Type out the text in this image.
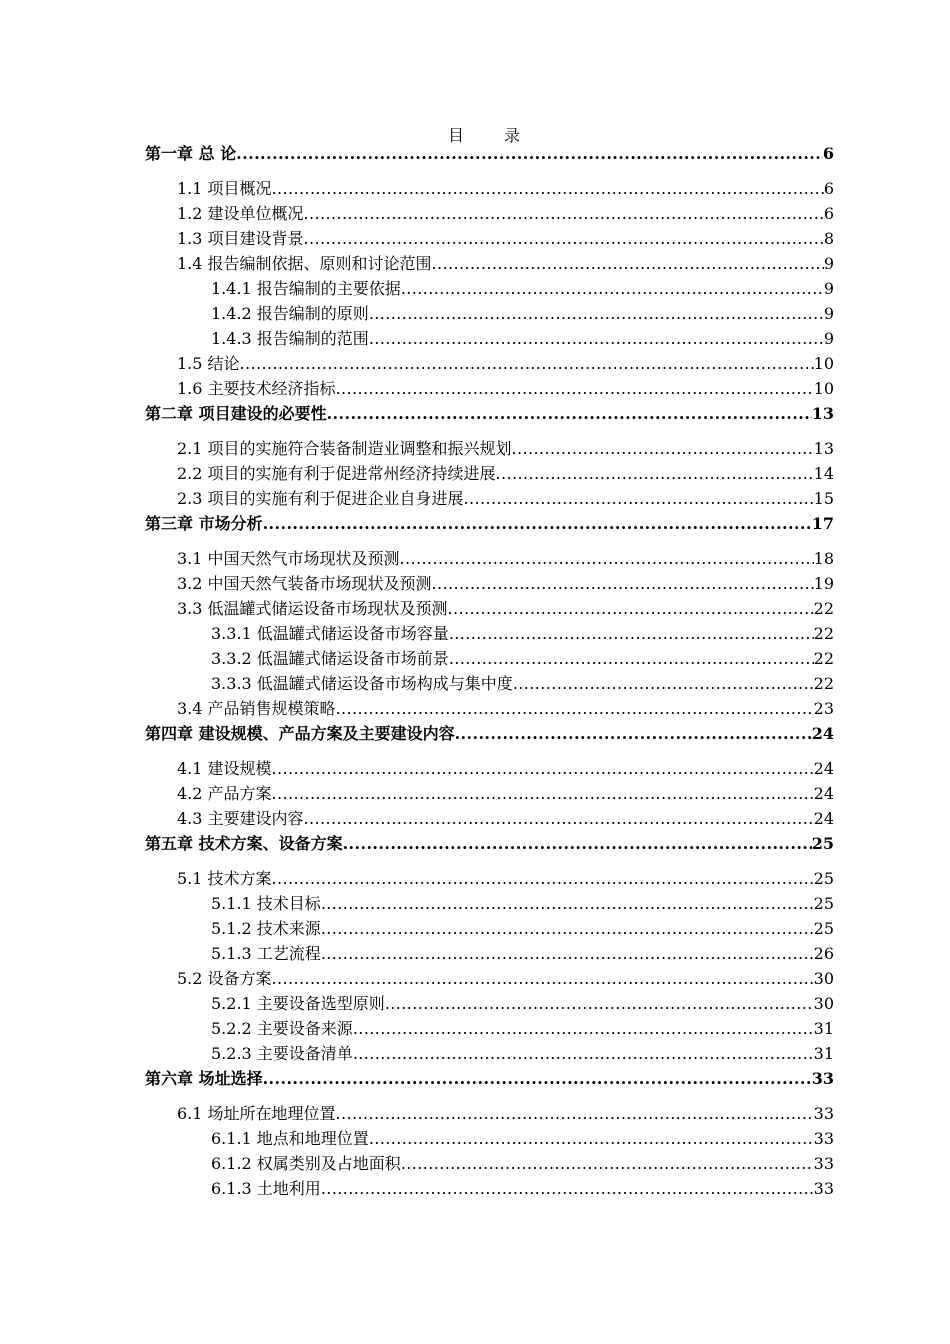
目　录
第一章 总 论 .....	6
1.1 项目概况 .....	6
1.2 建设单位概况 .....	6
1.3 项目建设背景 .....	8
1.4 报告编制依据、原则和讨论范围 .....	9
1.4.1 报告编制的主要依据 .....	9
1.4.2 报告编制的原则 .....	9
1.4.3 报告编制的范围 .....	9
1.5 结论 .....	10
1.6 主要技术经济指标 .....	10
第二章 项目建设的必要性 .....	13
2.1 项目的实施符合装备制造业调整和振兴规划 .....	13
2.2 项目的实施有利于促进常州经济持续进展 .....	14
2.3 项目的实施有利于促进企业自身进展 .....	15
第三章 市场分析 .....	17
3.1 中国天然气市场现状及预测 .....	18
3.2 中国天然气装备市场现状及预测 .....	19
3.3 低温罐式储运设备市场现状及预测 .....	22
3.3.1 低温罐式储运设备市场容量 .....	22
3.3.2 低温罐式储运设备市场前景 .....	22
3.3.3 低温罐式储运设备市场构成与集中度 .....	22
3.4 产品销售规模策略 .....	23
第四章 建设规模、产品方案及主要建设内容 .....	24
4.1 建设规模 .....	24
4.2 产品方案 .....	24
4.3 主要建设内容 .....	24
第五章 技术方案、设备方案 .....	25
5.1 技术方案 .....	25
5.1.1 技术目标 .....	25
5.1.2 技术来源 .....	25
5.1.3 工艺流程 .....	26
5.2 设备方案 .....	30
5.2.1 主要设备选型原则 .....	30
5.2.2 主要设备来源 .....	31
5.2.3 主要设备清单 .....	31
第六章 场址选择 .....	33
6.1 场址所在地理位置 .....	33
6.1.1 地点和地理位置 .....	33
6.1.2 权属类别及占地面积 .....	33
6.1.3 土地利用 .....	33
